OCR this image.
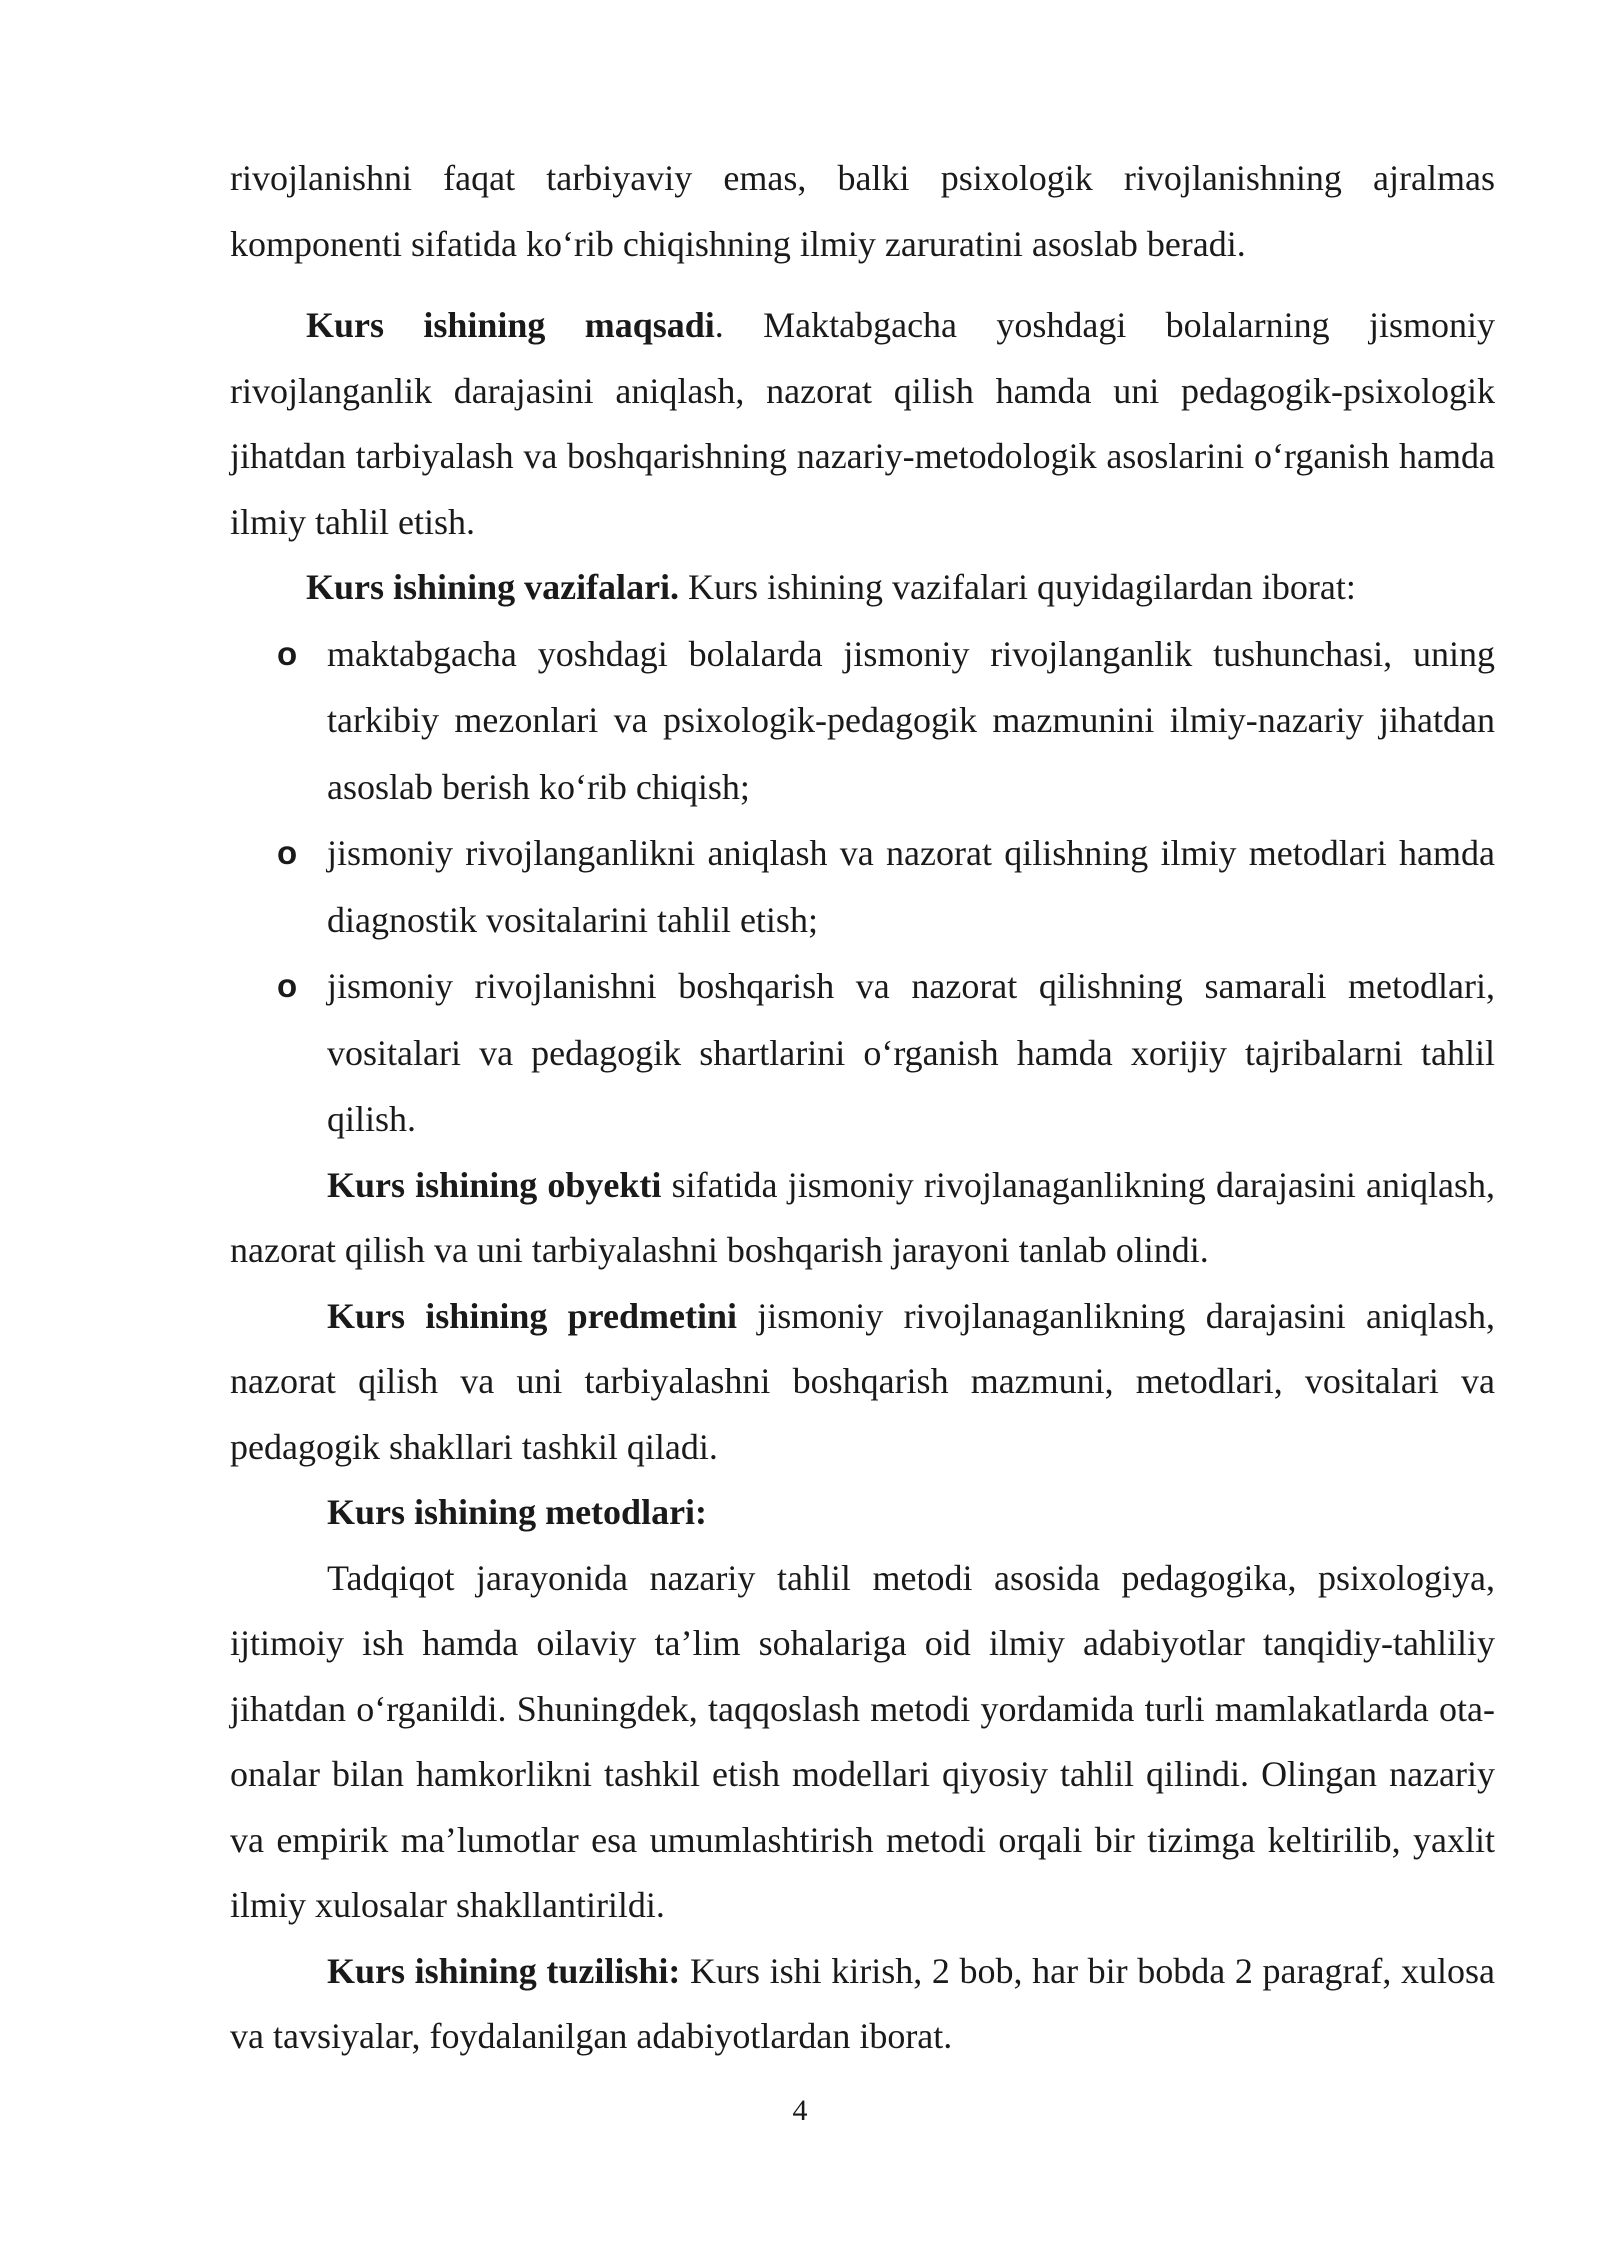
rivojlanishni faqat tarbiyaviy emas, balki psixologik rivojlanishning ajralmas komponenti sifatida koʻrib chiqishning ilmiy zaruratini asoslab beradi.

Kurs ishining maqsadi. Maktabgacha yoshdagi bolalarning jismoniy rivojlanganlik darajasini aniqlash, nazorat qilish hamda uni pedagogik-psixologik jihatdan tarbiyalash va boshqarishning nazariy-metodologik asoslarini oʻrganish hamda ilmiy tahlil etish.

Kurs ishining vazifalari. Kurs ishining vazifalari quyidagilardan iborat:

o maktabgacha yoshdagi bolalarda jismoniy rivojlanganlik tushunchasi, uning tarkibiy mezonlari va psixologik-pedagogik mazmunini ilmiy-nazariy jihatdan asoslab berish koʻrib chiqish;
o jismoniy rivojlanganlikni aniqlash va nazorat qilishning ilmiy metodlari hamda diagnostik vositalarini tahlil etish;
o jismoniy rivojlanishni boshqarish va nazorat qilishning samarali metodlari, vositalari va pedagogik shartlarini oʻrganish hamda xorijiy tajribalarni tahlil qilish.

Kurs ishining obyekti sifatida jismoniy rivojlanaganlikning darajasini aniqlash, nazorat qilish va uni tarbiyalashni boshqarish jarayoni tanlab olindi.

Kurs ishining predmetini jismoniy rivojlanaganlikning darajasini aniqlash, nazorat qilish va uni tarbiyalashni boshqarish mazmuni, metodlari, vositalari va pedagogik shakllari tashkil qiladi.

Kurs ishining metodlari:

Tadqiqot jarayonida nazariy tahlil metodi asosida pedagogika, psixologiya, ijtimoiy ish hamda oilaviy ta’lim sohalariga oid ilmiy adabiyotlar tanqidiy-tahliliy jihatdan oʻrganildi. Shuningdek, taqqoslash metodi yordamida turli mamlakatlarda ota-onalar bilan hamkorlikni tashkil etish modellari qiyosiy tahlil qilindi. Olingan nazariy va empirik ma’lumotlar esa umumlashtirish metodi orqali bir tizimga keltirilib, yaxlit ilmiy xulosalar shakllantirildi.

Kurs ishining tuzilishi: Kurs ishi kirish, 2 bob, har bir bobda 2 paragraf, xulosa va tavsiyalar, foydalanilgan adabiyotlardan iborat.

4
